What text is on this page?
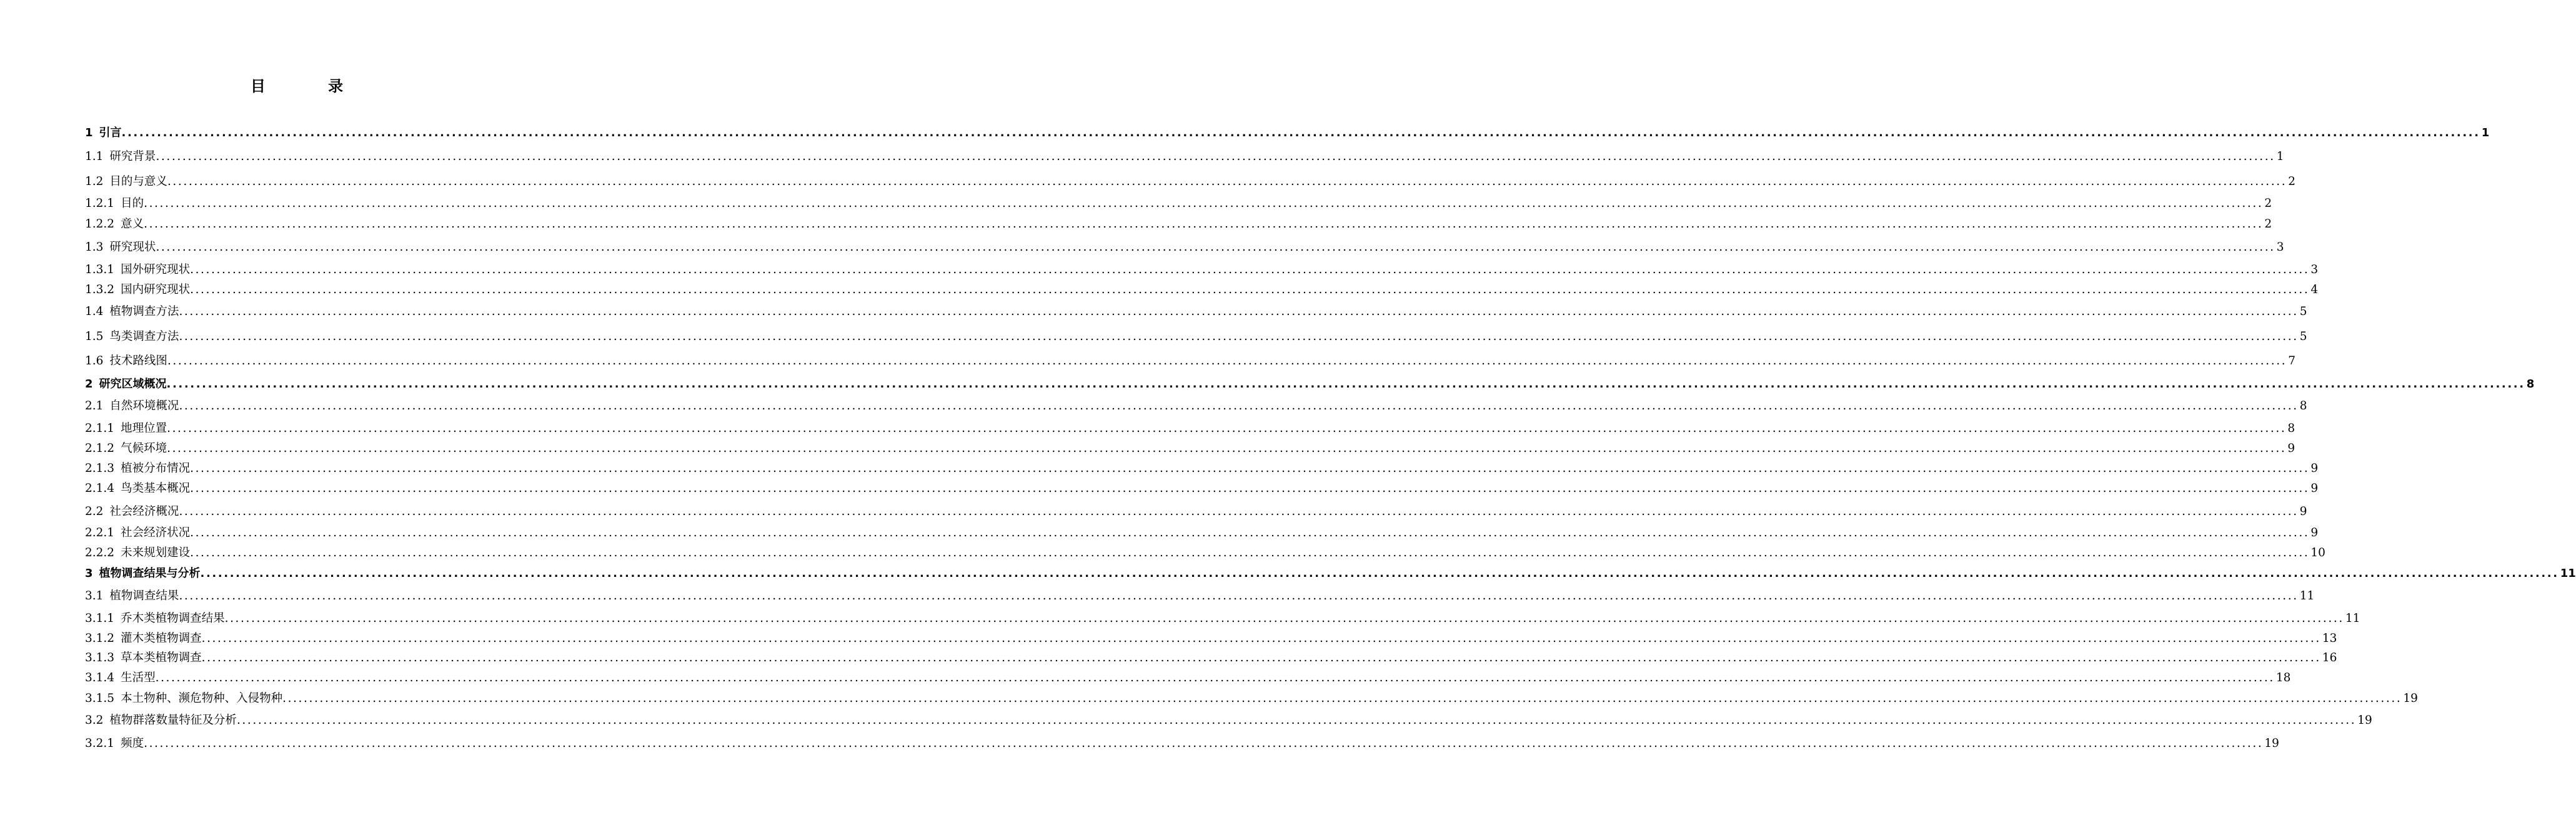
目 录
1 引言 ................................................................................................................................................................................................................................................................................................................................................................................................................ 1
1.1 研究背景 ................................................................................................................................................................................................................................................................................................................................................................................................................ 1
1.2 目的与意义 ................................................................................................................................................................................................................................................................................................................................................................................................................ 2
1.2.1 目的 ................................................................................................................................................................................................................................................................................................................................................................................................................ 2
1.2.2 意义 ................................................................................................................................................................................................................................................................................................................................................................................................................ 2
1.3 研究现状 ................................................................................................................................................................................................................................................................................................................................................................................................................ 3
1.3.1 国外研究现状 ................................................................................................................................................................................................................................................................................................................................................................................................................ 3
1.3.2 国内研究现状 ................................................................................................................................................................................................................................................................................................................................................................................................................ 4
1.4 植物调查方法 ................................................................................................................................................................................................................................................................................................................................................................................................................ 5
1.5 鸟类调查方法 ................................................................................................................................................................................................................................................................................................................................................................................................................ 5
1.6 技术路线图 ................................................................................................................................................................................................................................................................................................................................................................................................................ 7
2 研究区域概况 ................................................................................................................................................................................................................................................................................................................................................................................................................ 8
2.1 自然环境概况 ................................................................................................................................................................................................................................................................................................................................................................................................................ 8
2.1.1 地理位置 ................................................................................................................................................................................................................................................................................................................................................................................................................ 8
2.1.2 气候环境 ................................................................................................................................................................................................................................................................................................................................................................................................................ 9
2.1.3 植被分布情况 ................................................................................................................................................................................................................................................................................................................................................................................................................ 9
2.1.4 鸟类基本概况 ................................................................................................................................................................................................................................................................................................................................................................................................................ 9
2.2 社会经济概况 ................................................................................................................................................................................................................................................................................................................................................................................................................ 9
2.2.1 社会经济状况 ................................................................................................................................................................................................................................................................................................................................................................................................................ 9
2.2.2 未来规划建设 ................................................................................................................................................................................................................................................................................................................................................................................................................ 10
3 植物调查结果与分析 ................................................................................................................................................................................................................................................................................................................................................................................................................ 11
3.1 植物调查结果 ................................................................................................................................................................................................................................................................................................................................................................................................................ 11
3.1.1 乔木类植物调查结果 ................................................................................................................................................................................................................................................................................................................................................................................................................ 11
3.1.2 灌木类植物调查 ................................................................................................................................................................................................................................................................................................................................................................................................................ 13
3.1.3 草本类植物调查 ................................................................................................................................................................................................................................................................................................................................................................................................................ 16
3.1.4 生活型 ................................................................................................................................................................................................................................................................................................................................................................................................................ 18
3.1.5 本土物种、濒危物种、入侵物种 ................................................................................................................................................................................................................................................................................................................................................................................................................ 19
3.2 植物群落数量特征及分析 ................................................................................................................................................................................................................................................................................................................................................................................................................ 19
3.2.1 频度 ................................................................................................................................................................................................................................................................................................................................................................................................................ 19
